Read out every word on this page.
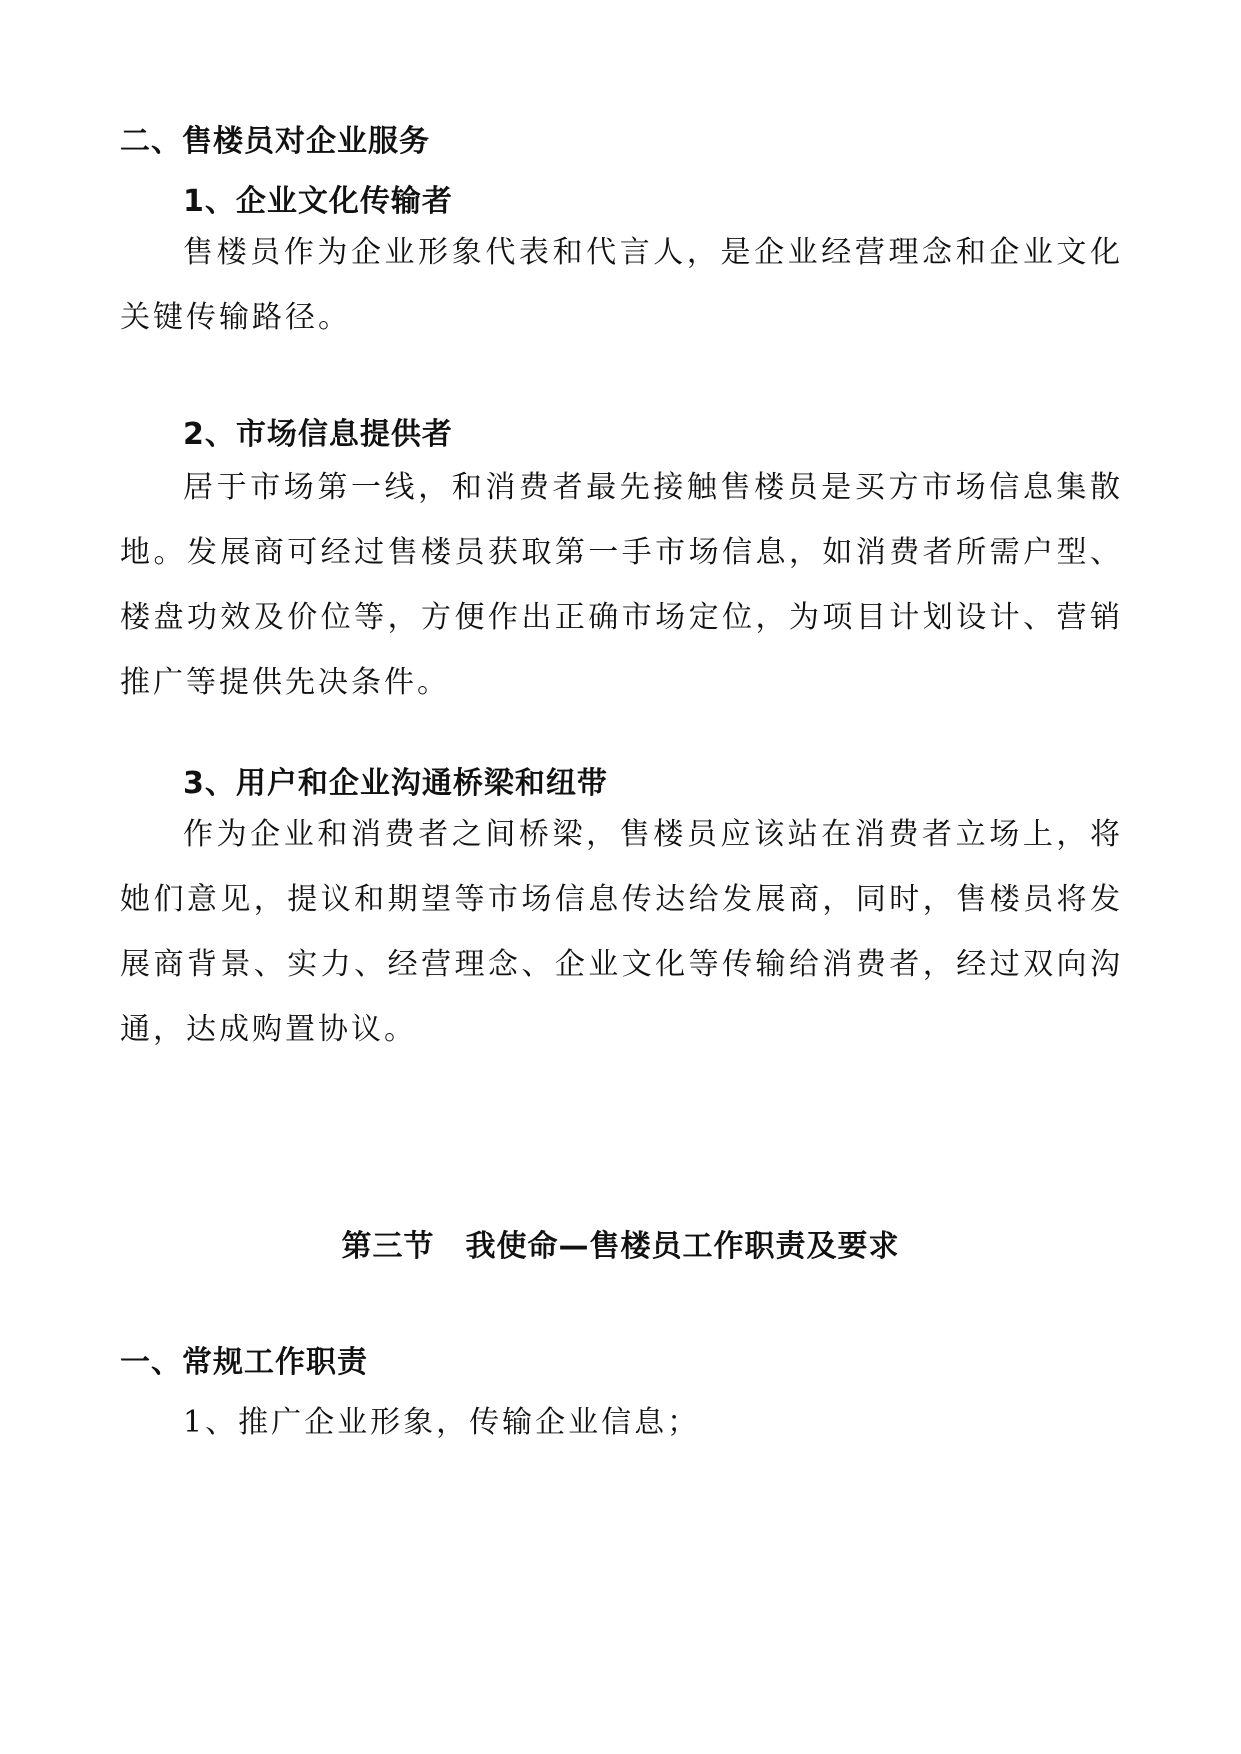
二、售楼员对企业服务
1、企业文化传输者
售楼员作为企业形象代表和代言人，是企业经营理念和企业文化关键传输路径。
2、市场信息提供者
居于市场第一线，和消费者最先接触售楼员是买方市场信息集散地。发展商可经过售楼员获取第一手市场信息，如消费者所需户型、楼盘功效及价位等，方便作出正确市场定位，为项目计划设计、营销推广等提供先决条件。
3、用户和企业沟通桥梁和纽带
作为企业和消费者之间桥梁，售楼员应该站在消费者立场上，将她们意见，提议和期望等市场信息传达给发展商，同时，售楼员将发展商背景、实力、经营理念、企业文化等传输给消费者，经过双向沟通，达成购置协议。
第三节　我使命—售楼员工作职责及要求
一、常规工作职责
1、推广企业形象，传输企业信息；
